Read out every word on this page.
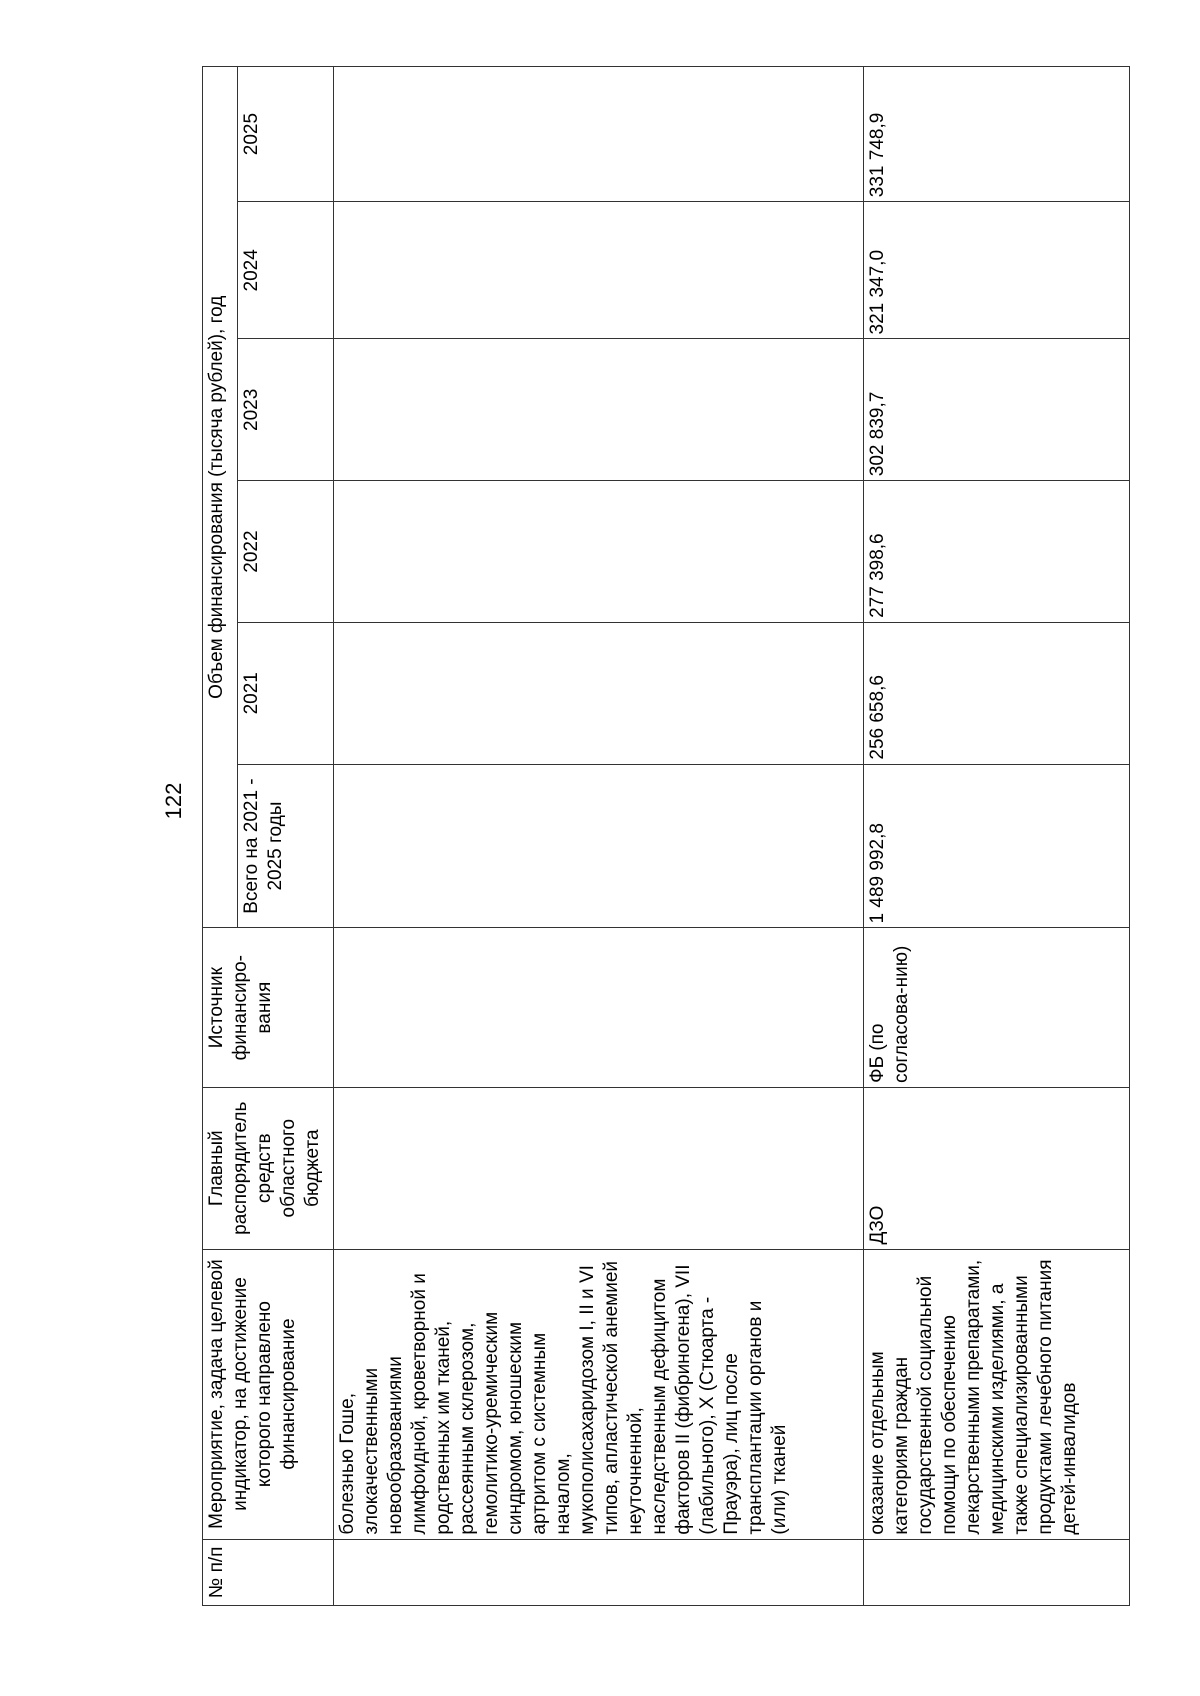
122
№ п/п	Мероприятие, задача целевой индикатор, на достижение которого направлено финансирование	Главный распорядитель средств областного бюджета	Источник финансиро-вания	Объем финансирования (тысяча рублей), год					
				Всего на 2021 - 2025 годы	2021	2022	2023	2024	2025
	болезнью Гоше, злокачественными новообразованиями лимфоидной, кроветворной и родственных им тканей, рассеянным склерозом, гемолитико-уремическим синдромом, юношеским артритом с системным началом, мукополисахаридозом I, II и VI типов, апластической анемией неуточненной, наследственным дефицитом факторов II (фибриногена), VII (лабильного), X (Стюарта - Прауэра), лиц после трансплантации органов и (или) тканей								
	оказание отдельным категориям граждан государственной социальной помощи по обеспечению лекарственными препаратами, медицинскими изделиями, а также специализированными продуктами лечебного питания детей-инвалидов	ДЗО	ФБ (по согласова-нию)	1 489 992,8	256 658,6	277 398,6	302 839,7	321 347,0	331 748,9
